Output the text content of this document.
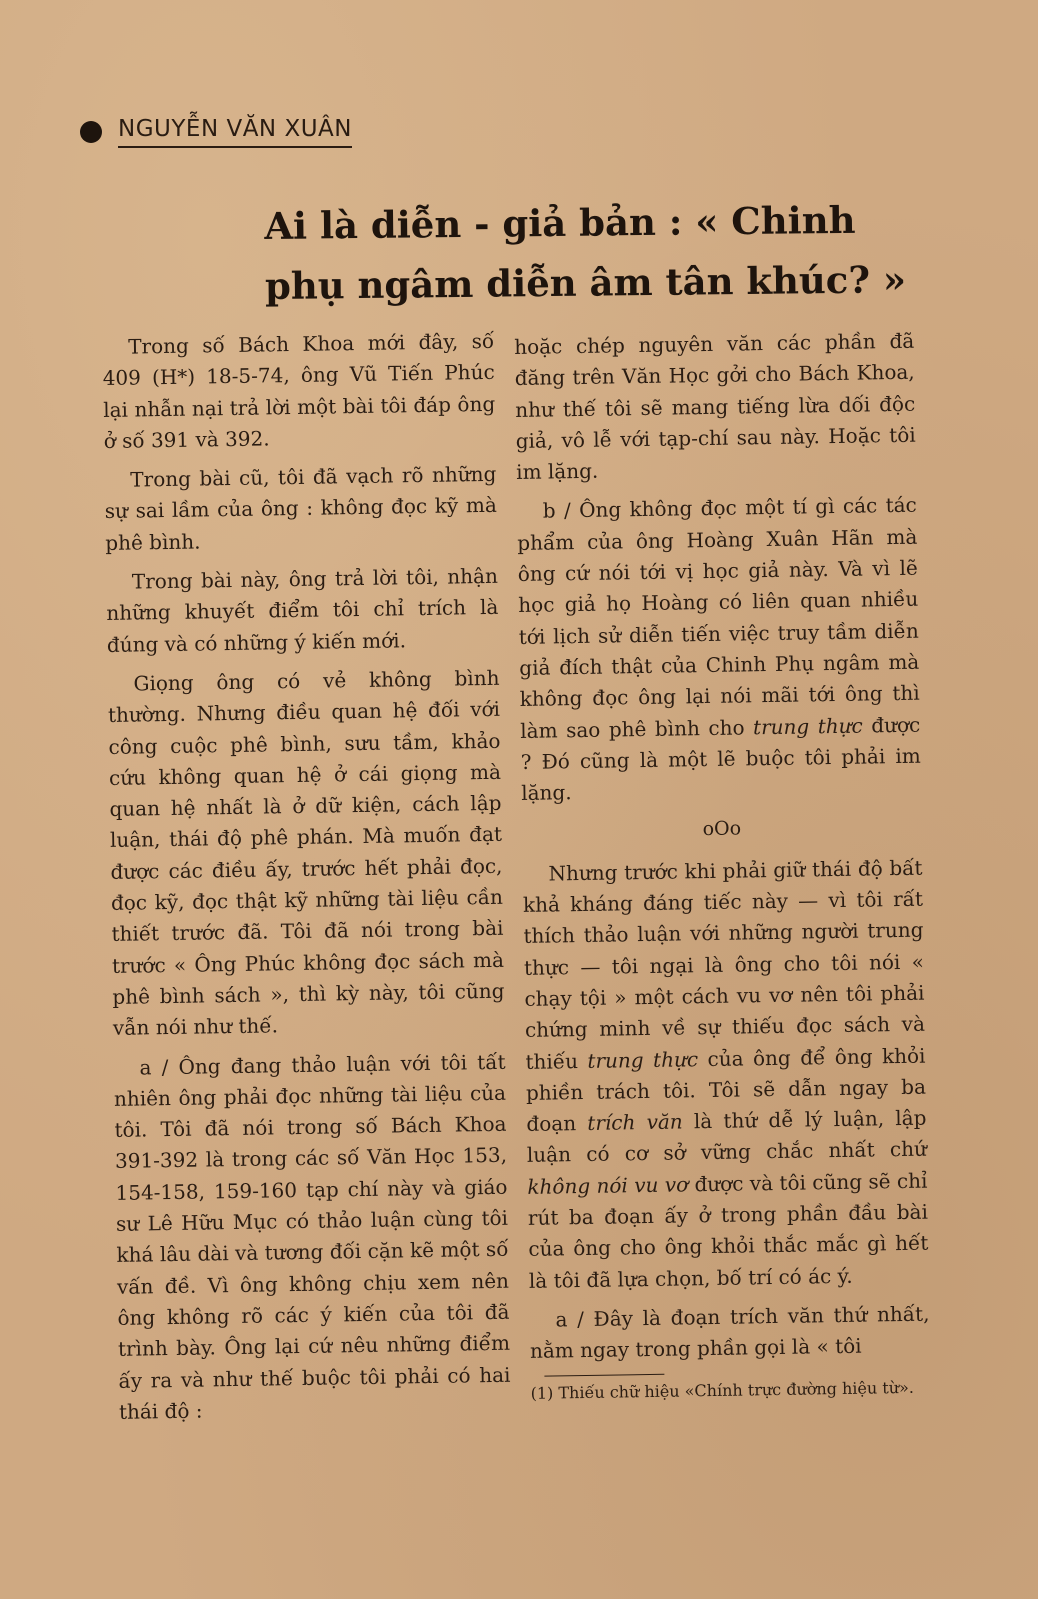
NGUYỄN VĂN XUÂN
Ai là diễn - giả bản : « Chinh phụ ngâm diễn âm tân khúc? »

Trong số Bách Khoa mới đây, số 409 (H*) 18-5-74, ông Vũ Tiến Phúc lại nhẫn nại trả lời một bài tôi đáp ông ở số 391 và 392.

Trong bài cũ, tôi đã vạch rõ những sự sai lầm của ông : không đọc kỹ mà phê bình.

Trong bài này, ông trả lời tôi, nhận những khuyết điểm tôi chỉ trích là đúng và có những ý kiến mới.

Giọng ông có vẻ không bình thường. Nhưng điều quan hệ đối với công cuộc phê bình, sưu tầm, khảo cứu không quan hệ ở cái giọng mà quan hệ nhất là ở dữ kiện, cách lập luận, thái độ phê phán. Mà muốn đạt được các điều ấy, trước hết phải đọc, đọc kỹ, đọc thật kỹ những tài liệu cần thiết trước đã. Tôi đã nói trong bài trước « Ông Phúc không đọc sách mà phê bình sách », thì kỳ này, tôi cũng vẫn nói như thế.

a / Ông đang thảo luận với tôi tất nhiên ông phải đọc những tài liệu của tôi. Tôi đã nói trong số Bách Khoa 391-392 là trong các số Văn Học 153, 154-158, 159-160 tạp chí này và giáo sư Lê Hữu Mục có thảo luận cùng tôi khá lâu dài và tương đối cặn kẽ một số vấn đề. Vì ông không chịu xem nên ông không rõ các ý kiến của tôi đã trình bày. Ông lại cứ nêu những điểm ấy ra và như thế buộc tôi phải có hai thái độ :

hoặc chép nguyên văn các phần đã đăng trên Văn Học gởi cho Bách Khoa, như thế tôi sẽ mang tiếng lừa dối độc giả, vô lễ với tạp-chí sau này. Hoặc tôi im lặng.

b / Ông không đọc một tí gì các tác phẩm của ông Hoàng Xuân Hãn mà ông cứ nói tới vị học giả này. Và vì lẽ học giả họ Hoàng có liên quan nhiều tới lịch sử diễn tiến việc truy tầm diễn giả đích thật của Chinh Phụ ngâm mà không đọc ông lại nói mãi tới ông thì làm sao phê bình cho trung thực được ? Đó cũng là một lẽ buộc tôi phải im lặng.

oOo

Nhưng trước khi phải giữ thái độ bất khả kháng đáng tiếc này — vì tôi rất thích thảo luận với những người trung thực — tôi ngại là ông cho tôi nói « chạy tội » một cách vu vơ nên tôi phải chứng minh về sự thiếu đọc sách và thiếu trung thực của ông để ông khỏi phiền trách tôi. Tôi sẽ dẫn ngay ba đoạn trích văn là thứ dễ lý luận, lập luận có cơ sở vững chắc nhất chứ không nói vu vơ được và tôi cũng sẽ chỉ rút ba đoạn ấy ở trong phần đầu bài của ông cho ông khỏi thắc mắc gì hết là tôi đã lựa chọn, bố trí có ác ý.

a / Đây là đoạn trích văn thứ nhất, nằm ngay trong phần gọi là « tôi

(1) Thiếu chữ hiệu «Chính trực đường hiệu từ».
